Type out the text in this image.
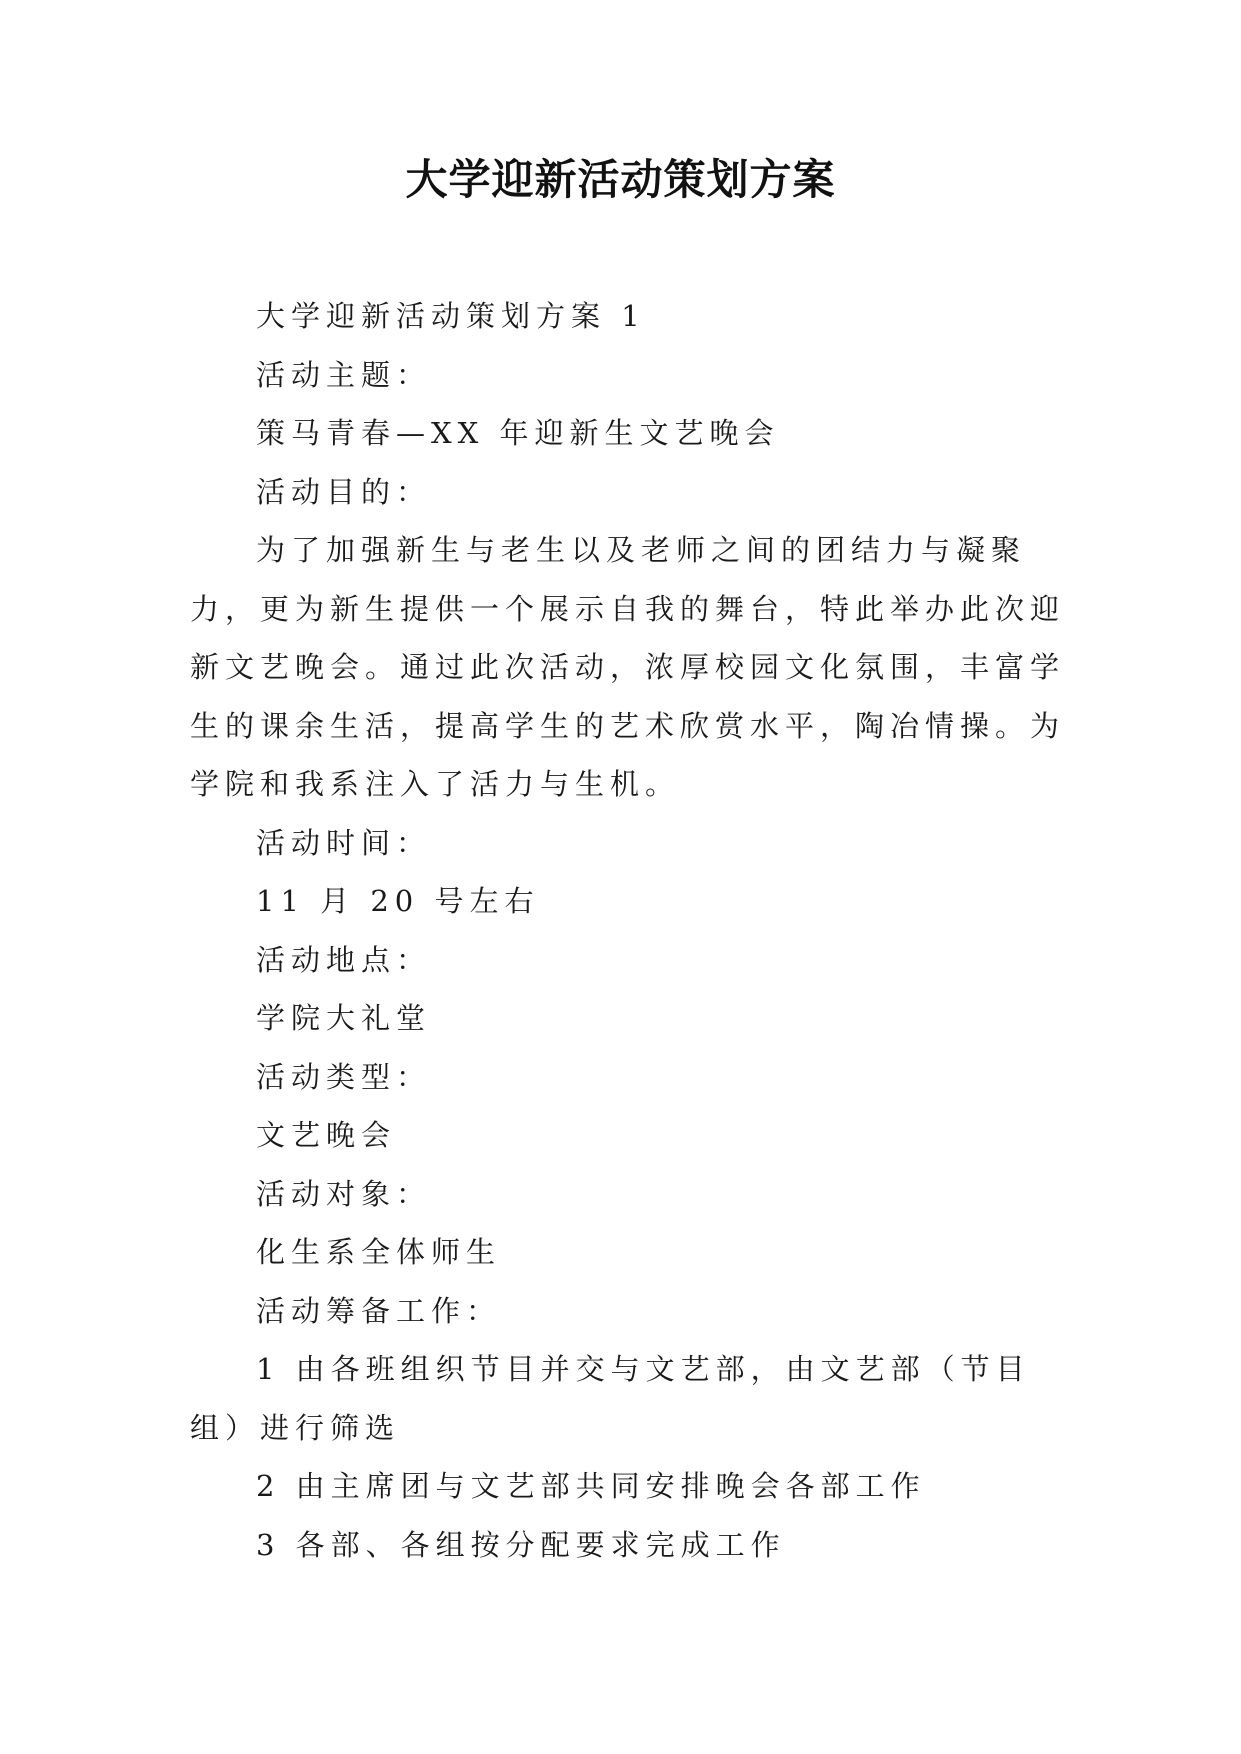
大学迎新活动策划方案

大学迎新活动策划方案 1

活动主题：

策马青春—XX 年迎新生文艺晚会

活动目的：

为了加强新生与老生以及老师之间的团结力与凝聚力，更为新生提供一个展示自我的舞台，特此举办此次迎新文艺晚会。通过此次活动，浓厚校园文化氛围，丰富学生的课余生活，提高学生的艺术欣赏水平，陶冶情操。为学院和我系注入了活力与生机。

活动时间：

11 月 20 号左右

活动地点：

学院大礼堂

活动类型：

文艺晚会

活动对象：

化生系全体师生

活动筹备工作：

1 由各班组织节目并交与文艺部，由文艺部（节目组）进行筛选

2 由主席团与文艺部共同安排晚会各部工作

3 各部、各组按分配要求完成工作
